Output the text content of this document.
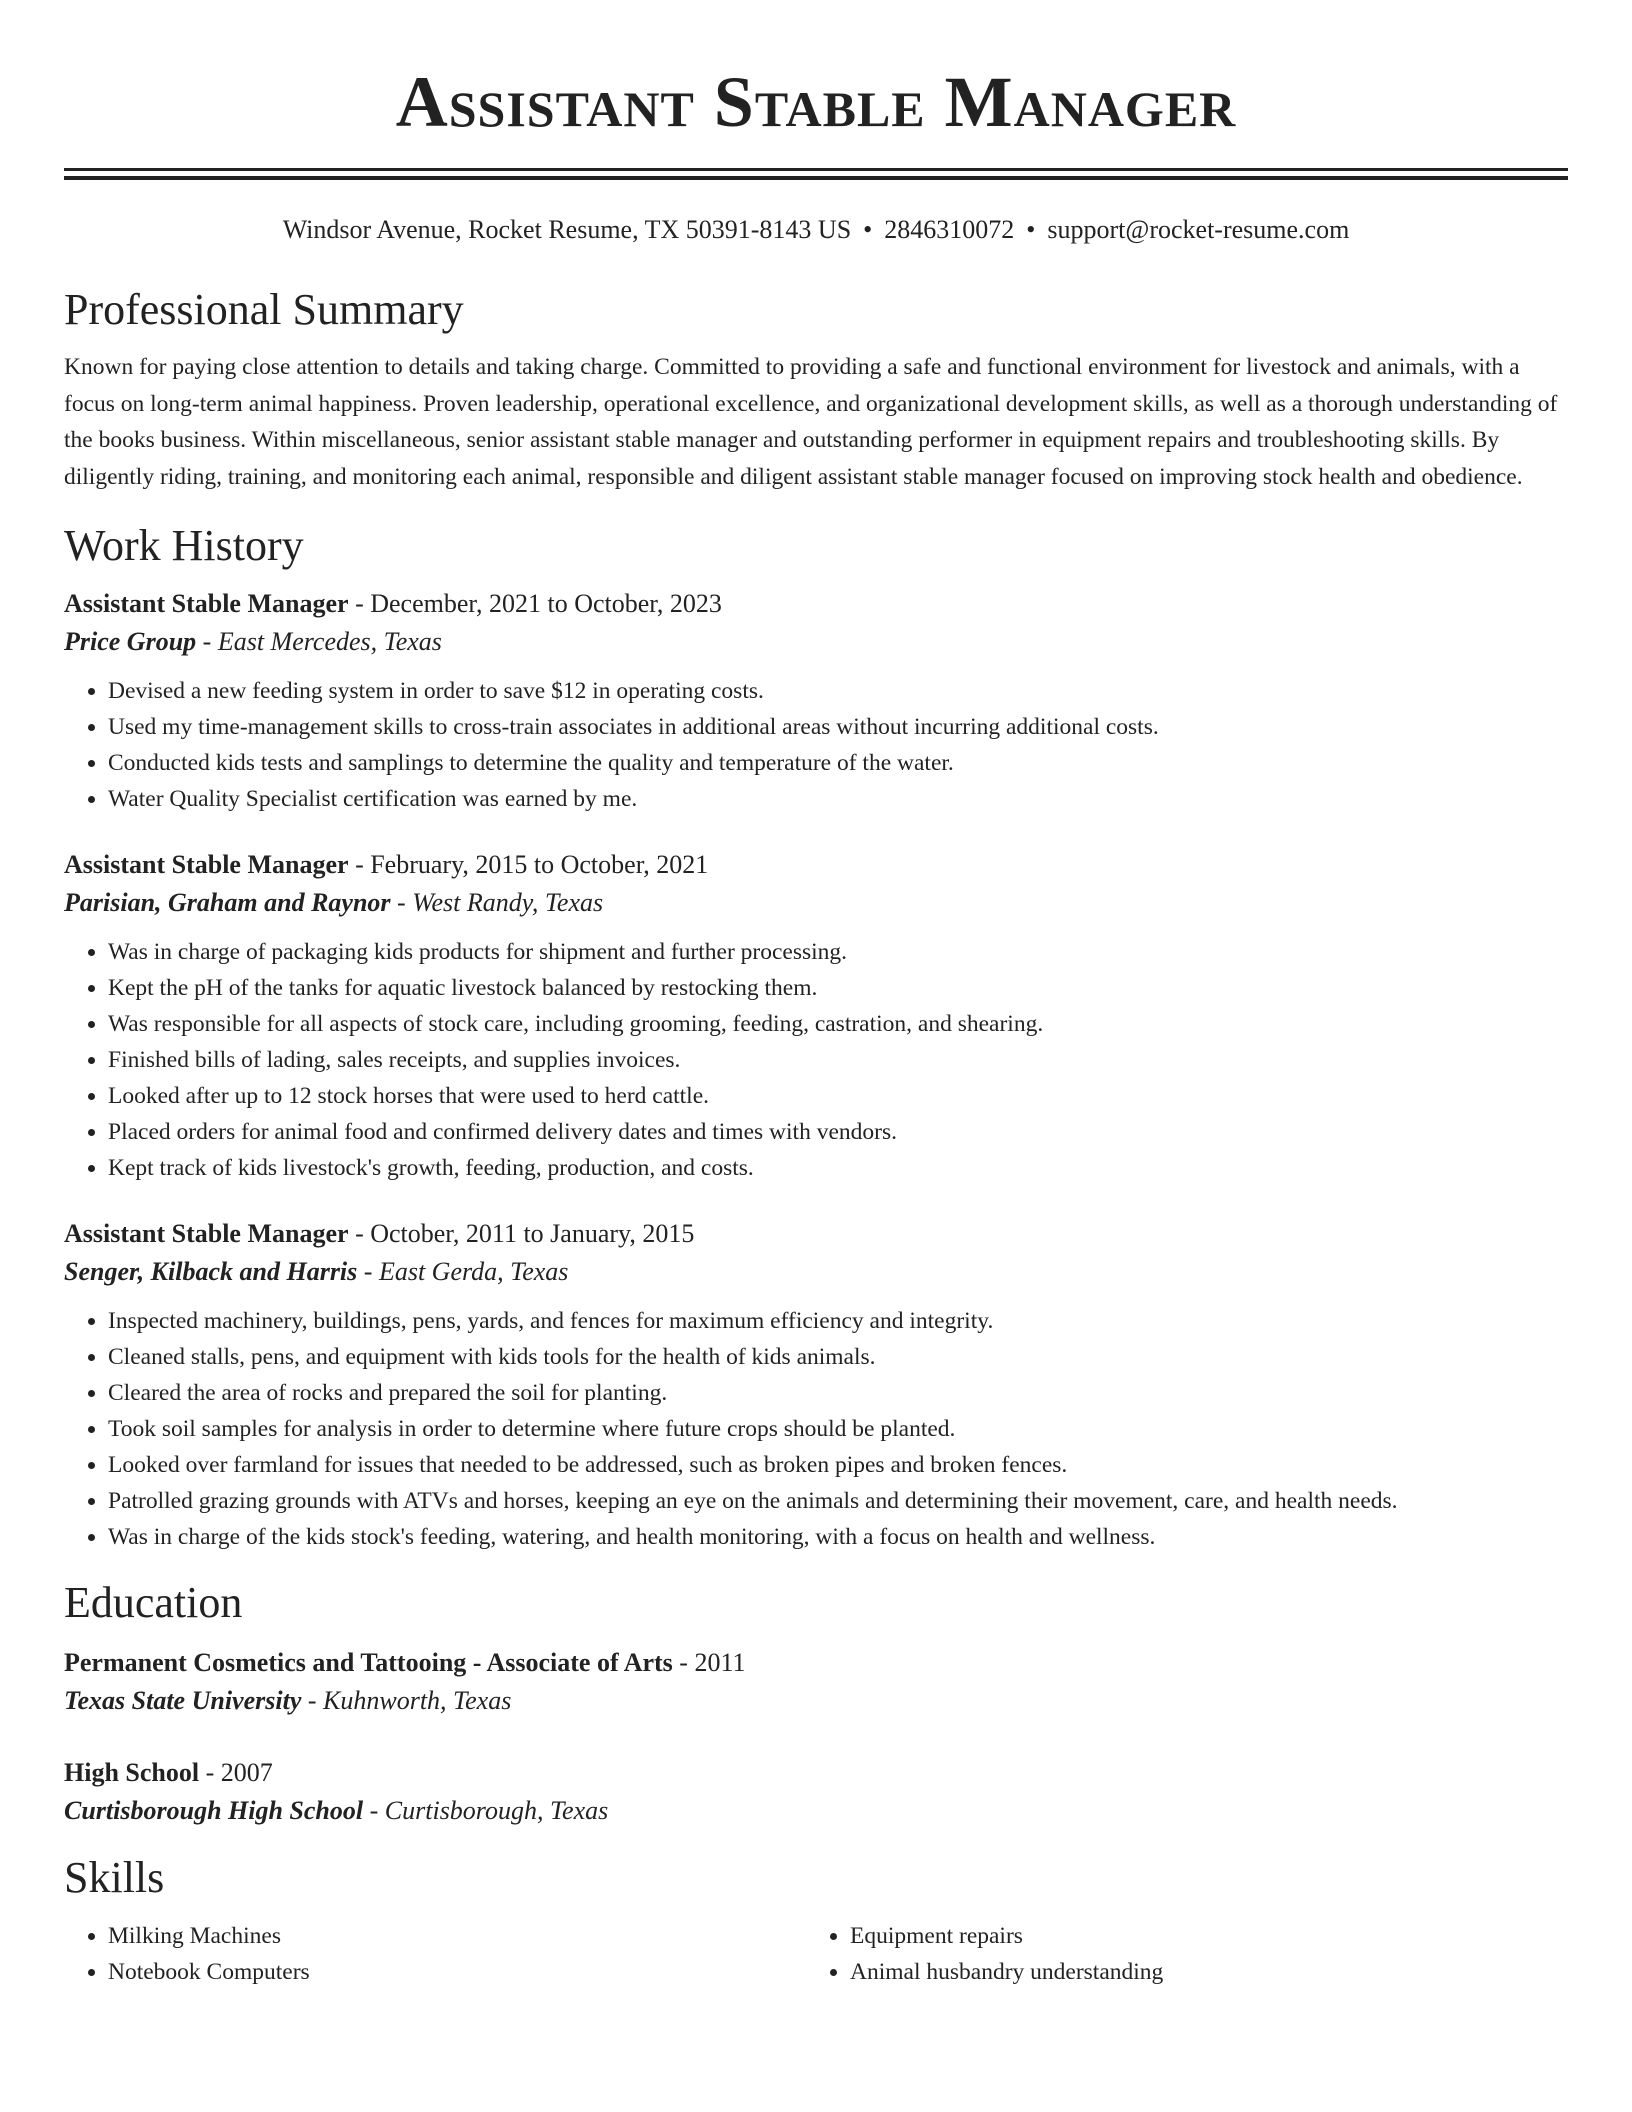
Assistant Stable Manager
Windsor Avenue, Rocket Resume, TX 50391-8143 US • 2846310072 • support@rocket-resume.com
Professional Summary
Known for paying close attention to details and taking charge. Committed to providing a safe and functional environment for livestock and animals, with a focus on long-term animal happiness. Proven leadership, operational excellence, and organizational development skills, as well as a thorough understanding of the books business. Within miscellaneous, senior assistant stable manager and outstanding performer in equipment repairs and troubleshooting skills. By diligently riding, training, and monitoring each animal, responsible and diligent assistant stable manager focused on improving stock health and obedience.
Work History
Assistant Stable Manager - December, 2021 to October, 2023
Price Group - East Mercedes, Texas
• Devised a new feeding system in order to save $12 in operating costs.
• Used my time-management skills to cross-train associates in additional areas without incurring additional costs.
• Conducted kids tests and samplings to determine the quality and temperature of the water.
• Water Quality Specialist certification was earned by me.
Assistant Stable Manager - February, 2015 to October, 2021
Parisian, Graham and Raynor - West Randy, Texas
• Was in charge of packaging kids products for shipment and further processing.
• Kept the pH of the tanks for aquatic livestock balanced by restocking them.
• Was responsible for all aspects of stock care, including grooming, feeding, castration, and shearing.
• Finished bills of lading, sales receipts, and supplies invoices.
• Looked after up to 12 stock horses that were used to herd cattle.
• Placed orders for animal food and confirmed delivery dates and times with vendors.
• Kept track of kids livestock's growth, feeding, production, and costs.
Assistant Stable Manager - October, 2011 to January, 2015
Senger, Kilback and Harris - East Gerda, Texas
• Inspected machinery, buildings, pens, yards, and fences for maximum efficiency and integrity.
• Cleaned stalls, pens, and equipment with kids tools for the health of kids animals.
• Cleared the area of rocks and prepared the soil for planting.
• Took soil samples for analysis in order to determine where future crops should be planted.
• Looked over farmland for issues that needed to be addressed, such as broken pipes and broken fences.
• Patrolled grazing grounds with ATVs and horses, keeping an eye on the animals and determining their movement, care, and health needs.
• Was in charge of the kids stock's feeding, watering, and health monitoring, with a focus on health and wellness.
Education
Permanent Cosmetics and Tattooing - Associate of Arts - 2011
Texas State University - Kuhnworth, Texas
High School - 2007
Curtisborough High School - Curtisborough, Texas
Skills
• Milking Machines
• Notebook Computers
• Equipment repairs
• Animal husbandry understanding
